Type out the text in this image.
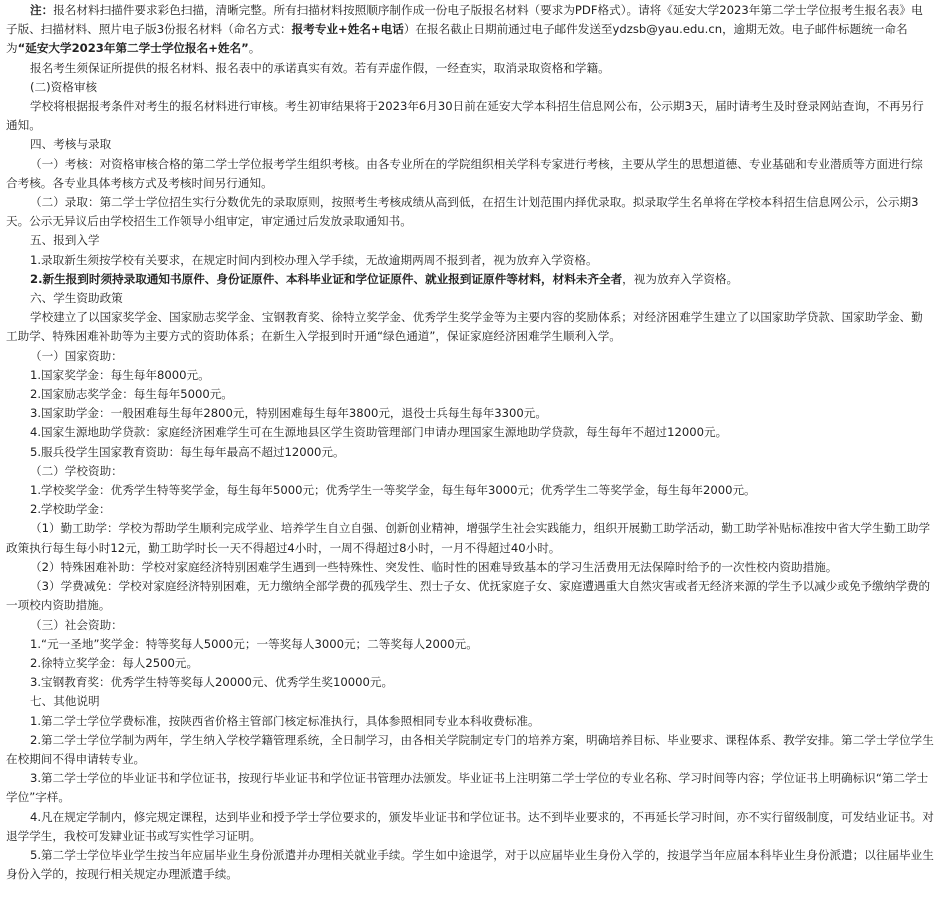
注：报名材料扫描件要求彩色扫描，清晰完整。所有扫描材料按照顺序制作成一份电子版报名材料（要求为PDF格式）。请将《延安大学2023年第二学士学位报考生报名表》电子版、扫描材料、照片电子版3份报名材料（命名方式：报考专业+姓名+电话）在报名截止日期前通过电子邮件发送至ydzsb@yau.edu.cn，逾期无效。电子邮件标题统一命名为“延安大学2023年第二学士学位报名+姓名”。

报名考生须保证所提供的报名材料、报名表中的承诺真实有效。若有弄虚作假，一经查实，取消录取资格和学籍。

(二)资格审核

学校将根据报考条件对考生的报名材料进行审核。考生初审结果将于2023年6月30日前在延安大学本科招生信息网公布，公示期3天，届时请考生及时登录网站查询，不再另行通知。

四、考核与录取

（一）考核：对资格审核合格的第二学士学位报考学生组织考核。由各专业所在的学院组织相关学科专家进行考核，主要从学生的思想道德、专业基础和专业潜质等方面进行综合考核。各专业具体考核方式及考核时间另行通知。

（二）录取：第二学士学位招生实行分数优先的录取原则，按照考生考核成绩从高到低，在招生计划范围内择优录取。拟录取学生名单将在学校本科招生信息网公示，公示期3天。公示无异议后由学校招生工作领导小组审定，审定通过后发放录取通知书。

五、报到入学

1.录取新生须按学校有关要求，在规定时间内到校办理入学手续，无故逾期两周不报到者，视为放弃入学资格。

2.新生报到时须持录取通知书原件、身份证原件、本科毕业证和学位证原件、就业报到证原件等材料，材料未齐全者，视为放弃入学资格。

六、学生资助政策

学校建立了以国家奖学金、国家励志奖学金、宝钢教育奖、徐特立奖学金、优秀学生奖学金等为主要内容的奖励体系；对经济困难学生建立了以国家助学贷款、国家助学金、勤工助学、特殊困难补助等为主要方式的资助体系；在新生入学报到时开通“绿色通道”，保证家庭经济困难学生顺利入学。

（一）国家资助：

1.国家奖学金：每生每年8000元。

2.国家励志奖学金：每生每年5000元。

3.国家助学金：一般困难每生每年2800元，特别困难每生每年3800元，退役士兵每生每年3300元。

4.国家生源地助学贷款：家庭经济困难学生可在生源地县区学生资助管理部门申请办理国家生源地助学贷款，每生每年不超过12000元。

5.服兵役学生国家教育资助：每生每年最高不超过12000元。

（二）学校资助：

1.学校奖学金：优秀学生特等奖学金，每生每年5000元；优秀学生一等奖学金，每生每年3000元；优秀学生二等奖学金，每生每年2000元。

2.学校助学金：

（1）勤工助学：学校为帮助学生顺利完成学业、培养学生自立自强、创新创业精神，增强学生社会实践能力，组织开展勤工助学活动，勤工助学补贴标准按中省大学生勤工助学政策执行每生每小时12元，勤工助学时长一天不得超过4小时，一周不得超过8小时，一月不得超过40小时。

（2）特殊困难补助：学校对家庭经济特别困难学生遇到一些特殊性、突发性、临时性的困难导致基本的学习生活费用无法保障时给予的一次性校内资助措施。

（3）学费减免：学校对家庭经济特别困难，无力缴纳全部学费的孤残学生、烈士子女、优抚家庭子女、家庭遭遇重大自然灾害或者无经济来源的学生予以减少或免予缴纳学费的一项校内资助措施。

（三）社会资助：

1.“元一圣地”奖学金：特等奖每人5000元；一等奖每人3000元；二等奖每人2000元。

2.徐特立奖学金：每人2500元。

3.宝钢教育奖：优秀学生特等奖每人20000元、优秀学生奖10000元。

七、其他说明

1.第二学士学位学费标准，按陕西省价格主管部门核定标准执行，具体参照相同专业本科收费标准。

2.第二学士学位学制为两年，学生纳入学校学籍管理系统，全日制学习，由各相关学院制定专门的培养方案，明确培养目标、毕业要求、课程体系、教学安排。第二学士学位学生在校期间不得申请转专业。

3.第二学士学位的毕业证书和学位证书，按现行毕业证书和学位证书管理办法颁发。毕业证书上注明第二学士学位的专业名称、学习时间等内容；学位证书上明确标识“第二学士学位”字样。

4.凡在规定学制内，修完规定课程，达到毕业和授予学士学位要求的，颁发毕业证书和学位证书。达不到毕业要求的，不再延长学习时间，亦不实行留级制度，可发结业证书。对退学学生，我校可发肄业证书或写实性学习证明。

5.第二学士学位毕业学生按当年应届毕业生身份派遣并办理相关就业手续。学生如中途退学，对于以应届毕业生身份入学的，按退学当年应届本科毕业生身份派遣；以往届毕业生身份入学的，按现行相关规定办理派遣手续。
